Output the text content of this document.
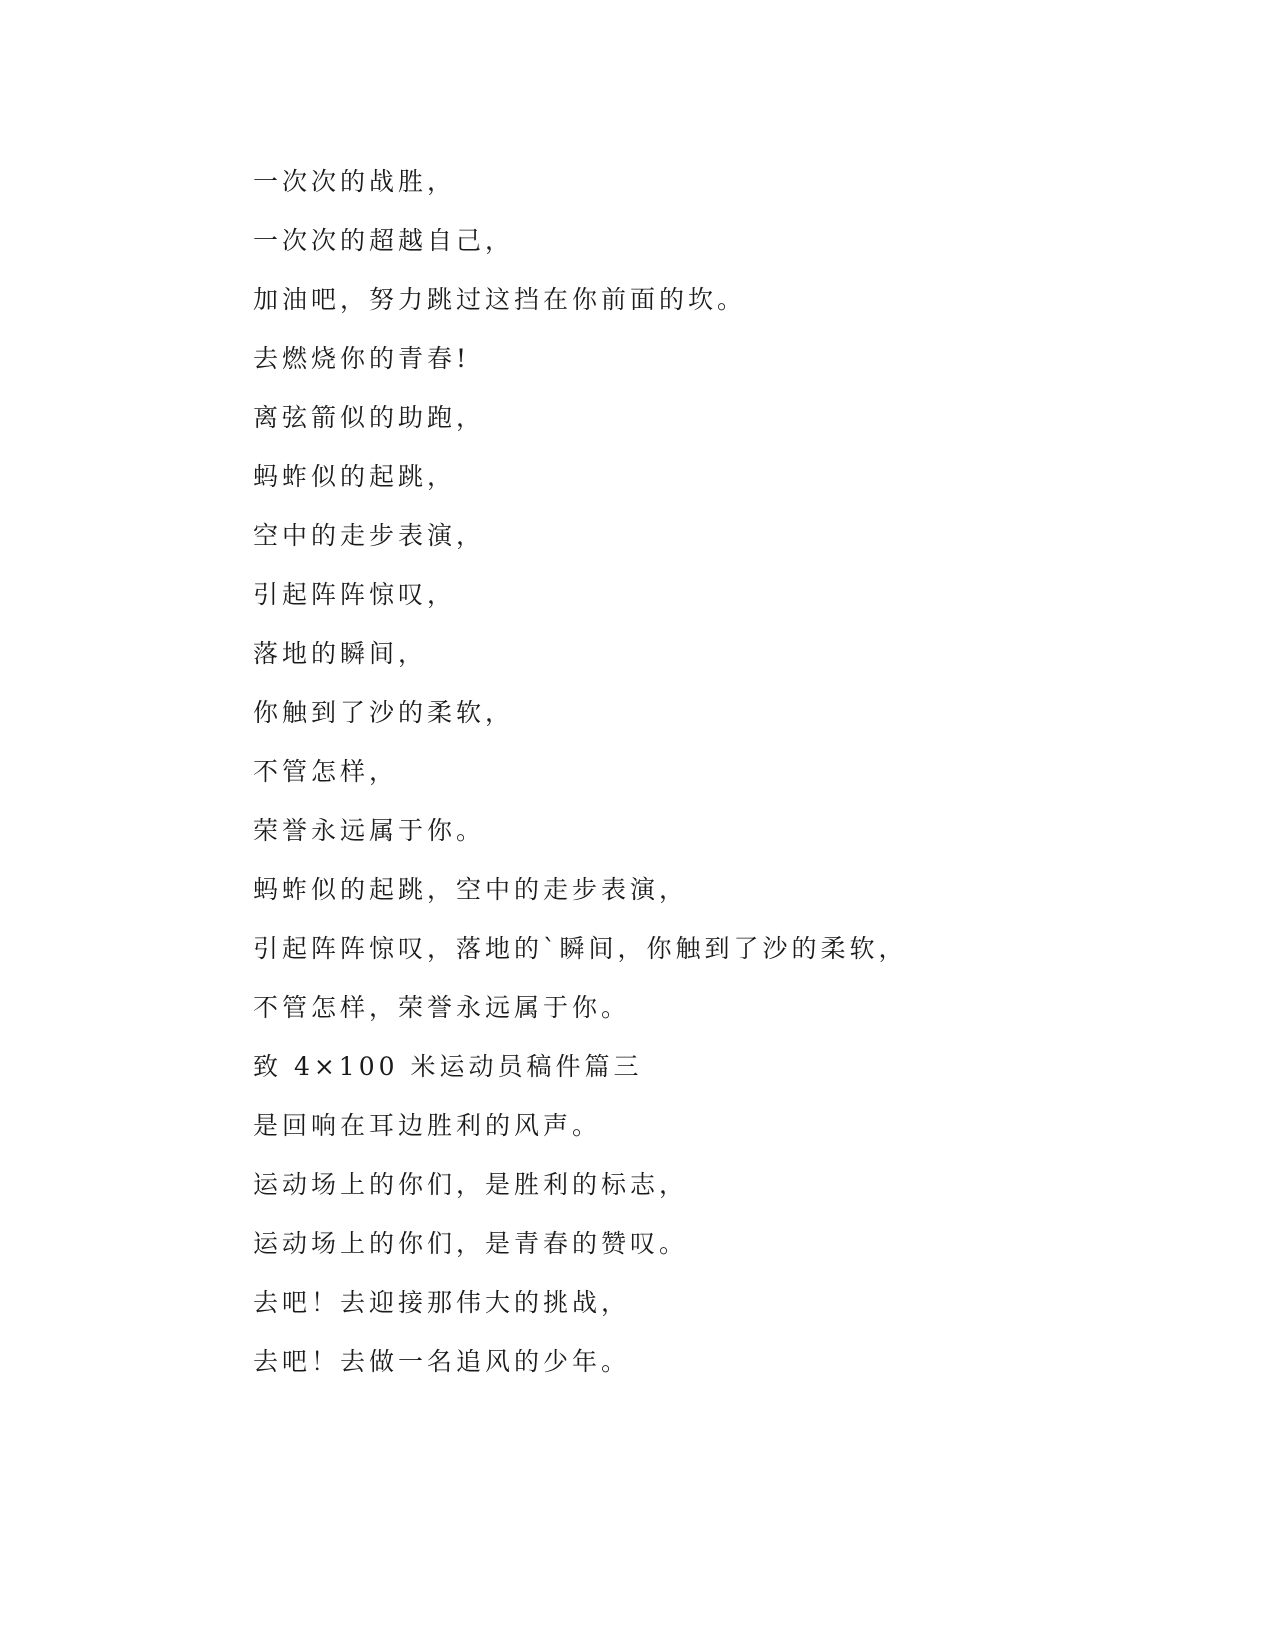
一次次的战胜，

一次次的超越自己，

加油吧，努力跳过这挡在你前面的坎。

去燃烧你的青春!

离弦箭似的助跑，

蚂蚱似的起跳，

空中的走步表演，

引起阵阵惊叹，

落地的瞬间，

你触到了沙的柔软，

不管怎样，

荣誉永远属于你。

蚂蚱似的起跳，空中的走步表演，

引起阵阵惊叹，落地的`瞬间，你触到了沙的柔软，

不管怎样，荣誉永远属于你。

致 4×100 米运动员稿件篇三

是回响在耳边胜利的风声。

运动场上的你们，是胜利的标志，

运动场上的你们，是青春的赞叹。

去吧！去迎接那伟大的挑战，

去吧！去做一名追风的少年。
